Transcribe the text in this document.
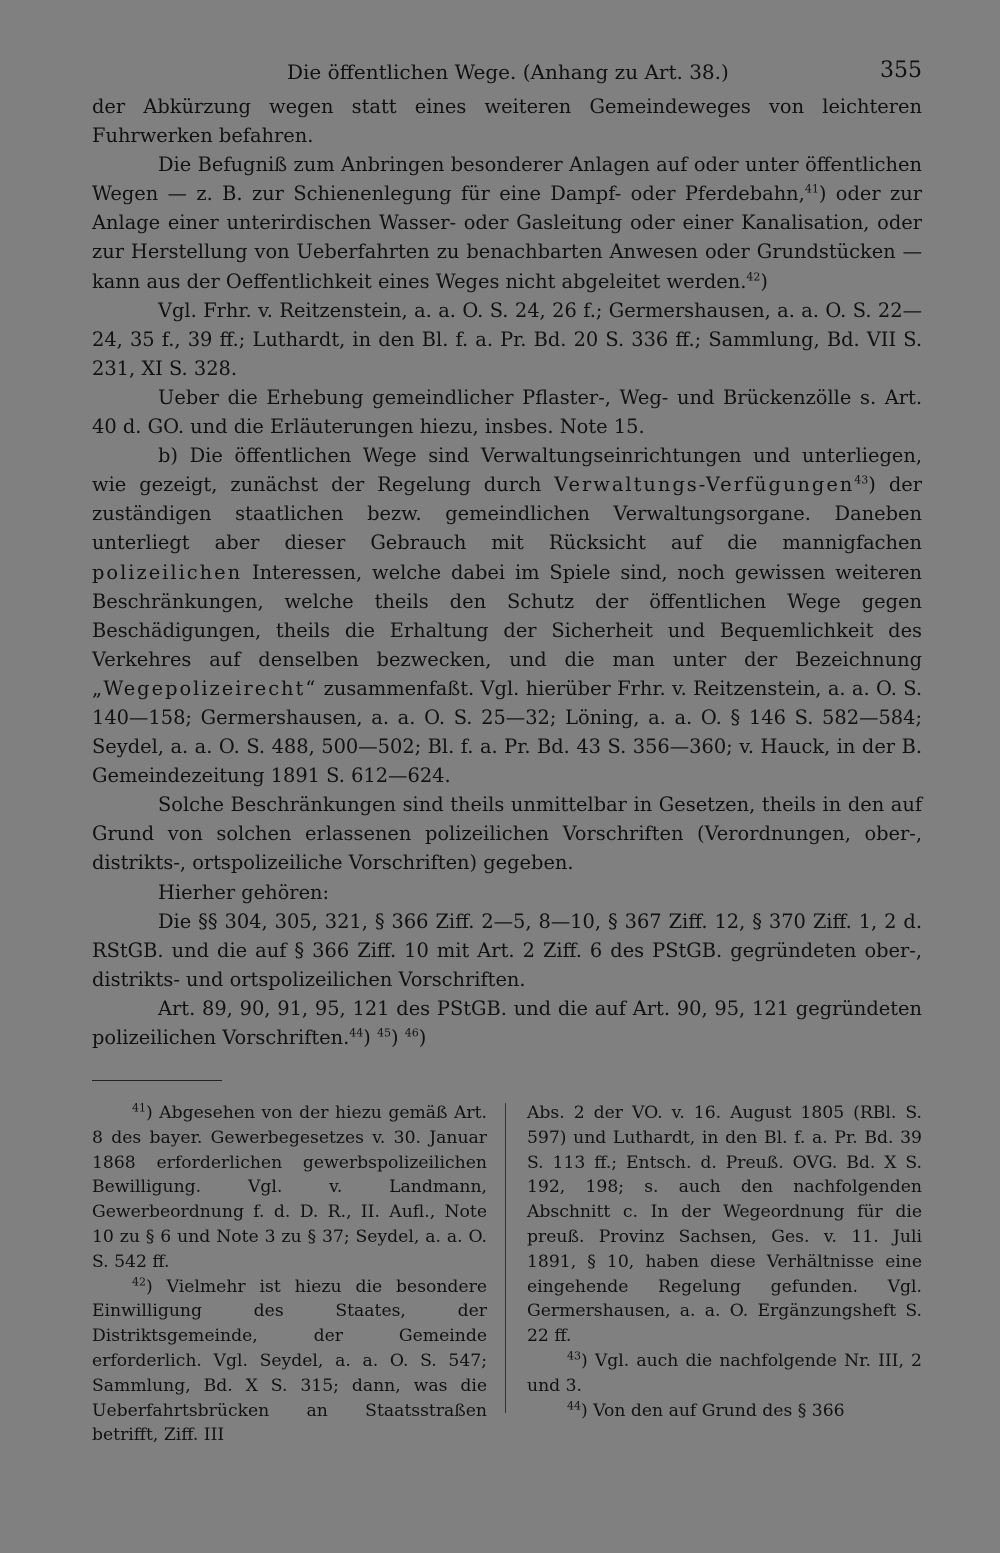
Die öffentlichen Wege. (Anhang zu Art. 38.)	355

der Abkürzung wegen statt eines weiteren Gemeindeweges von leichteren Fuhrwerken befahren.

Die Befugniß zum Anbringen besonderer Anlagen auf oder unter öffentlichen Wegen — z. B. zur Schienenlegung für eine Dampf- oder Pferdebahn,$^{41}$) oder zur Anlage einer unterirdischen Wasser- oder Gasleitung oder einer Kanalisation, oder zur Herstellung von Ueberfahrten zu benachbarten Anwesen oder Grundstücken — kann aus der Oeffentlichkeit eines Weges nicht abgeleitet werden.$^{42}$)

Vgl. Frhr. v. Reitzenstein, a. a. O. S. 24, 26 f.; Germershausen, a. a. O. S. 22—24, 35 f., 39 ff.; Luthardt, in den Bl. f. a. Pr. Bd. 20 S. 336 ff.; Sammlung, Bd. VII S. 231, XI S. 328.

Ueber die Erhebung gemeindlicher Pflaster-, Weg- und Brückenzölle s. Art. 40 d. GO. und die Erläuterungen hiezu, insbes. Note 15.

b) Die öffentlichen Wege sind Verwaltungseinrichtungen und unterliegen, wie gezeigt, zunächst der Regelung durch Verwaltungs-Verfügungen$^{43}$) der zuständigen staatlichen bezw. gemeindlichen Verwaltungsorgane. Daneben unterliegt aber dieser Gebrauch mit Rücksicht auf die mannigfachen polizeilichen Interessen, welche dabei im Spiele sind, noch gewissen weiteren Beschränkungen, welche theils den Schutz der öffentlichen Wege gegen Beschädigungen, theils die Erhaltung der Sicherheit und Bequemlichkeit des Verkehres auf denselben bezwecken, und die man unter der Bezeichnung „Wegepolizeirecht“ zusammenfaßt. Vgl. hierüber Frhr. v. Reitzenstein, a. a. O. S. 140—158; Germershausen, a. a. O. S. 25—32; Löning, a. a. O. § 146 S. 582—584; Seydel, a. a. O. S. 488, 500—502; Bl. f. a. Pr. Bd. 43 S. 356—360; v. Hauck, in der B. Gemeindezeitung 1891 S. 612—624.

Solche Beschränkungen sind theils unmittelbar in Gesetzen, theils in den auf Grund von solchen erlassenen polizeilichen Vorschriften (Verordnungen, ober-, distrikts-, ortspolizeiliche Vorschriften) gegeben.

Hierher gehören:

Die §§ 304, 305, 321, § 366 Ziff. 2—5, 8—10, § 367 Ziff. 12, § 370 Ziff. 1, 2 d. RStGB. und die auf § 366 Ziff. 10 mit Art. 2 Ziff. 6 des PStGB. gegründeten ober-, distrikts- und ortspolizeilichen Vorschriften.

Art. 89, 90, 91, 95, 121 des PStGB. und die auf Art. 90, 95, 121 gegründeten polizeilichen Vorschriften.$^{44}$) $^{45}$) $^{46}$)

$^{41}$) Abgesehen von der hiezu gemäß Art. 8 des bayer. Gewerbegesetzes v. 30. Januar 1868 erforderlichen gewerbspolizeilichen Bewilligung. Vgl. v. Landmann, Gewerbeordnung f. d. D. R., II. Aufl., Note 10 zu § 6 und Note 3 zu § 37; Seydel, a. a. O. S. 542 ff.

$^{42}$) Vielmehr ist hiezu die besondere Einwilligung des Staates, der Distriktsgemeinde, der Gemeinde erforderlich. Vgl. Seydel, a. a. O. S. 547; Sammlung, Bd. X S. 315; dann, was die Ueberfahrtsbrücken an Staatsstraßen betrifft, Ziff. III

Abs. 2 der VO. v. 16. August 1805 (RBl. S. 597) und Luthardt, in den Bl. f. a. Pr. Bd. 39 S. 113 ff.; Entsch. d. Preuß. OVG. Bd. X S. 192, 198; s. auch den nachfolgenden Abschnitt c. In der Wegeordnung für die preuß. Provinz Sachsen, Ges. v. 11. Juli 1891, § 10, haben diese Verhältnisse eine eingehende Regelung gefunden. Vgl. Germershausen, a. a. O. Ergänzungsheft S. 22 ff.

$^{43}$) Vgl. auch die nachfolgende Nr. III, 2 und 3.

$^{44}$) Von den auf Grund des § 366
